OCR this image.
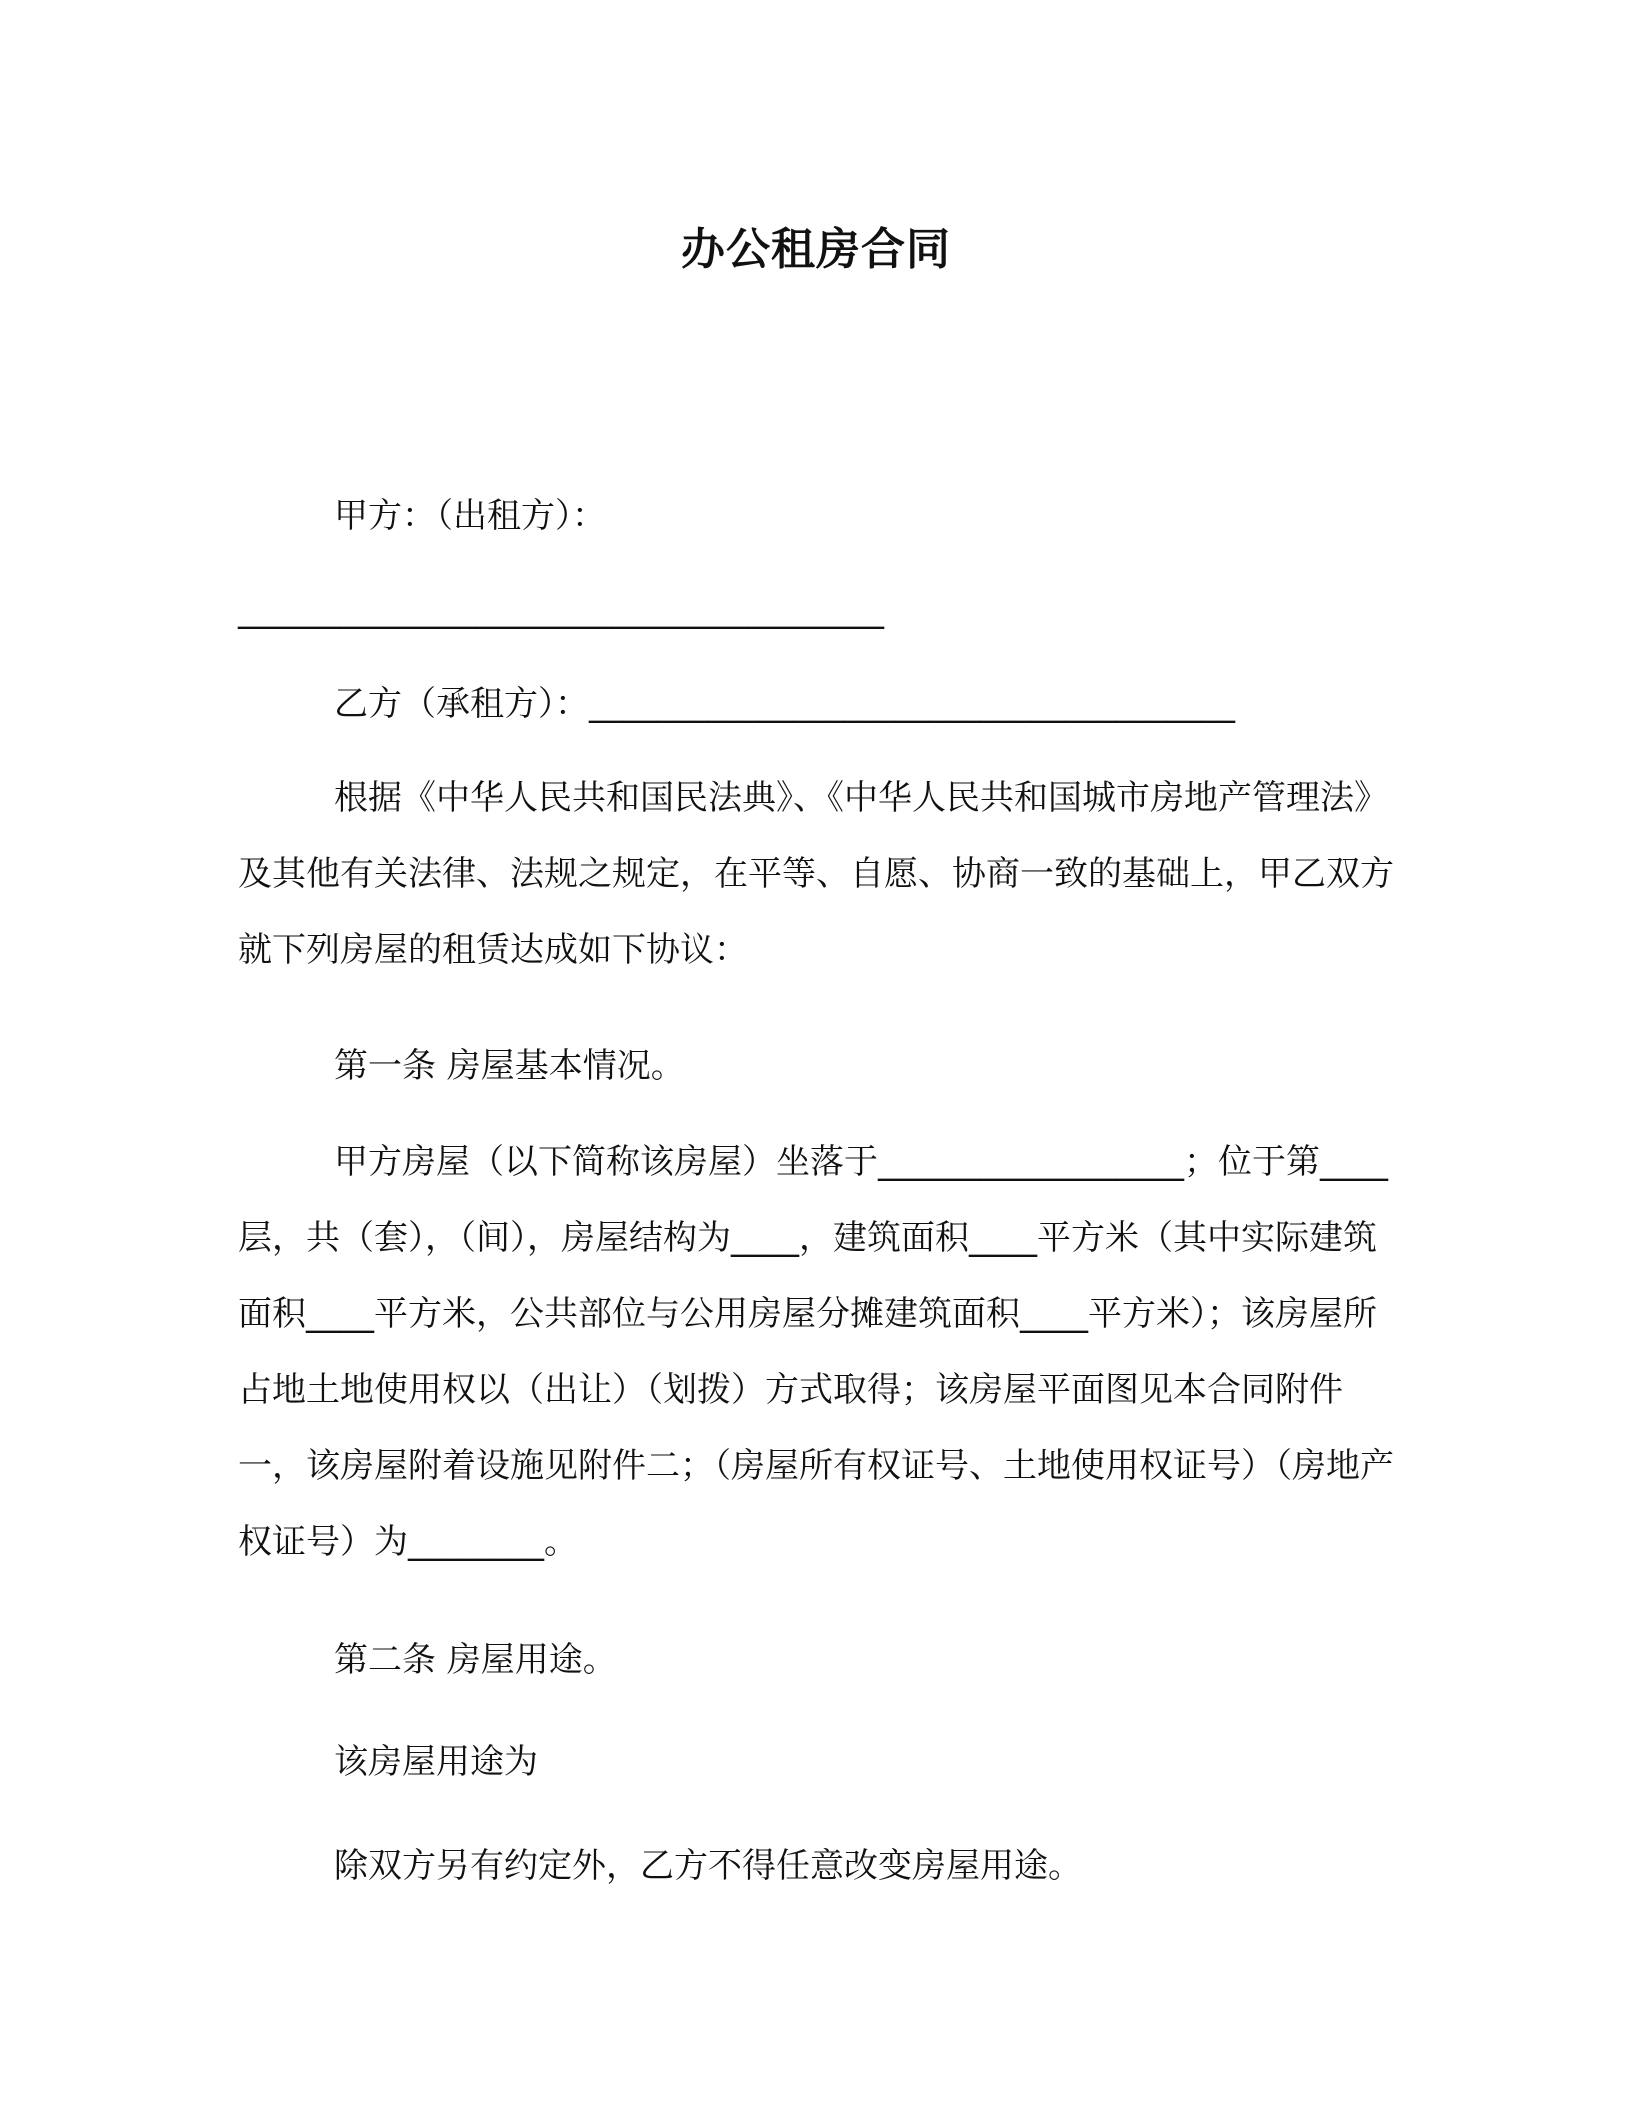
办公租房合同
甲方：（出租方）：
______________________________________
乙方（承租方）：______________________________________
根据《中华人民共和国民法典》、《中华人民共和国城市房地产管理法》及其他有关法律、法规之规定，在平等、自愿、协商一致的基础上，甲乙双方就下列房屋的租赁达成如下协议：
第一条 房屋基本情况。
甲方房屋（以下简称该房屋）坐落于__________________；位于第____层，共（套），（间），房屋结构为____，建筑面积____平方米（其中实际建筑面积____平方米，公共部位与公用房屋分摊建筑面积____平方米）；该房屋所占地土地使用权以（出让）（划拨）方式取得；该房屋平面图见本合同附件一，该房屋附着设施见附件二；（房屋所有权证号、土地使用权证号）（房地产权证号）为________。
第二条 房屋用途。
该房屋用途为
除双方另有约定外，乙方不得任意改变房屋用途。
